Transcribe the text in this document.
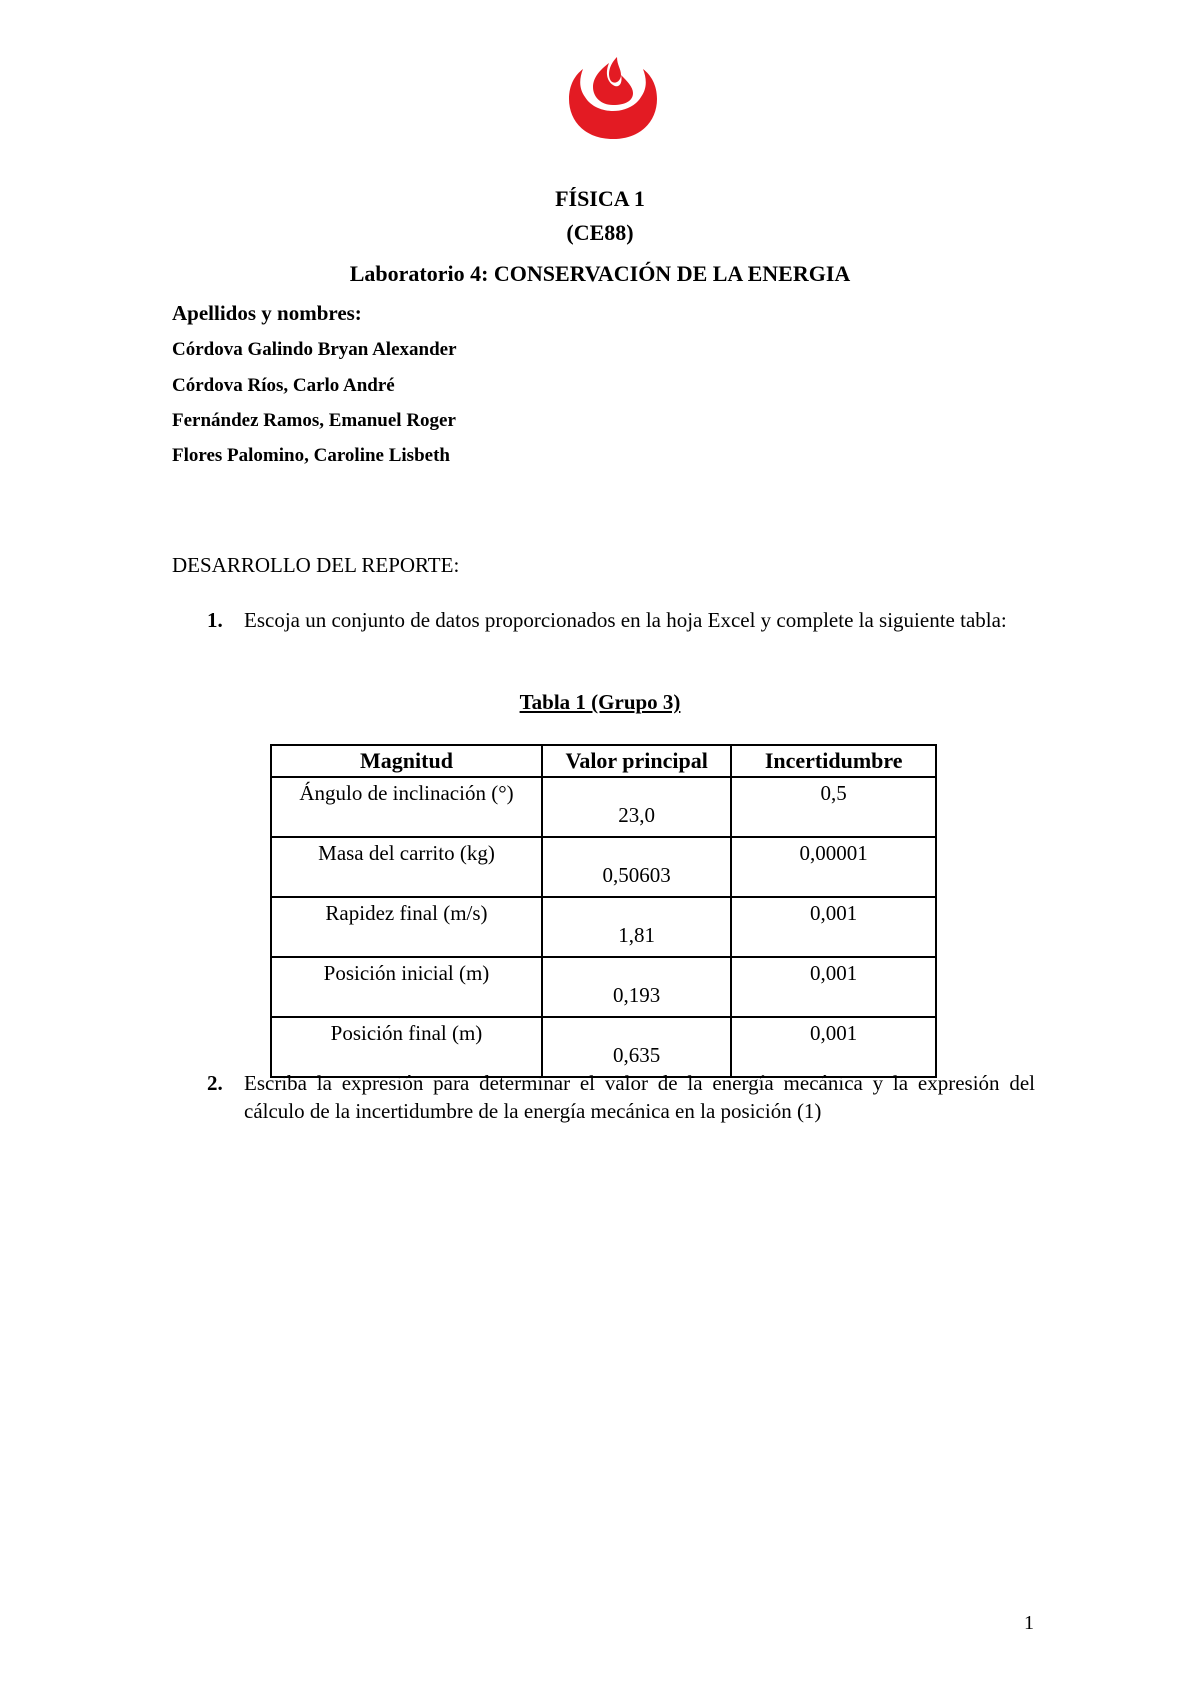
FÍSICA 1
(CE88)
Laboratorio 4: CONSERVACIÓN DE LA ENERGIA
Apellidos y nombres:
Córdova Galindo Bryan Alexander
Córdova Ríos, Carlo André
Fernández Ramos, Emanuel Roger
Flores Palomino, Caroline Lisbeth
DESARROLLO DEL REPORTE:
1. Escoja un conjunto de datos proporcionados en la hoja Excel y complete la siguiente tabla:
Tabla 1 (Grupo 3)
Magnitud	Valor principal	Incertidumbre

Ángulo de inclinación (°)	23,0	0,5

Masa del carrito (kg)	0,50603	0,00001

Rapidez final (m/s)	1,81	0,001

Posición inicial (m)	0,193	0,001

Posición final (m)	0,635	0,001
2. Escriba la expresión para determinar el valor de la energía mecánica y la expresión del cálculo de la incertidumbre de la energía mecánica en la posición (1)
1
